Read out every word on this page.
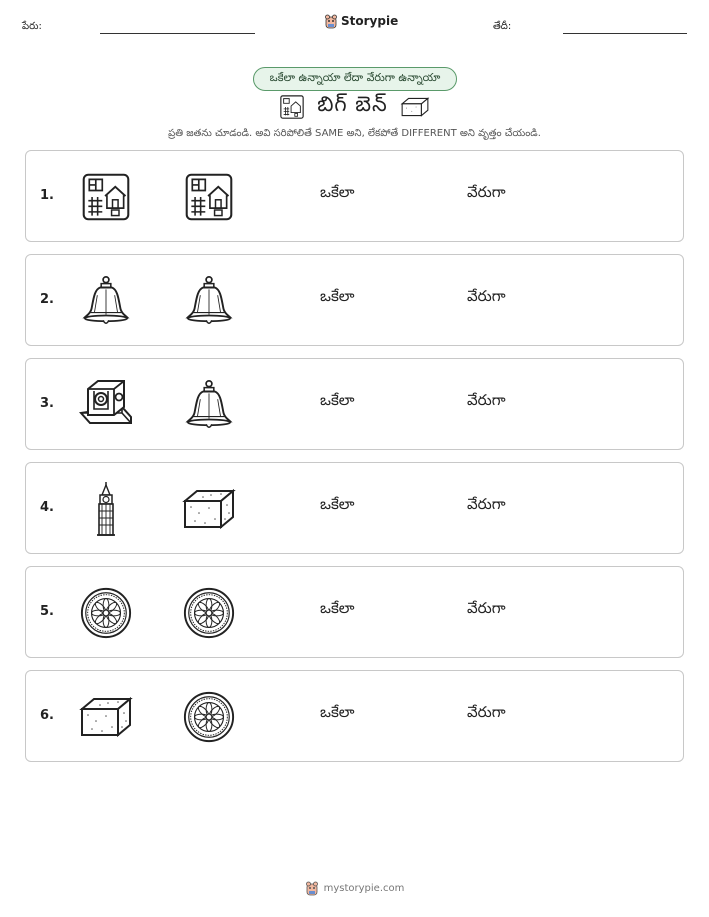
పేరు:	Storypie	తేదీ:
ఒకేలా ఉన్నాయా లేదా వేరుగా ఉన్నాయా
బిగ్ బెన్
ప్రతి జతను చూడండి. అవి సరిపోలితే SAME అని, లేకపోతే DIFFERENT అని వృత్తం చేయండి.
1.	ఒకేలా	వేరుగా
2.	ఒకేలా	వేరుగా
3.	ఒకేలా	వేరుగా
4.	ఒకేలా	వేరుగా
5.	ఒకేలా	వేరుగా
6.	ఒకేలా	వేరుగా
mystorypie.com
